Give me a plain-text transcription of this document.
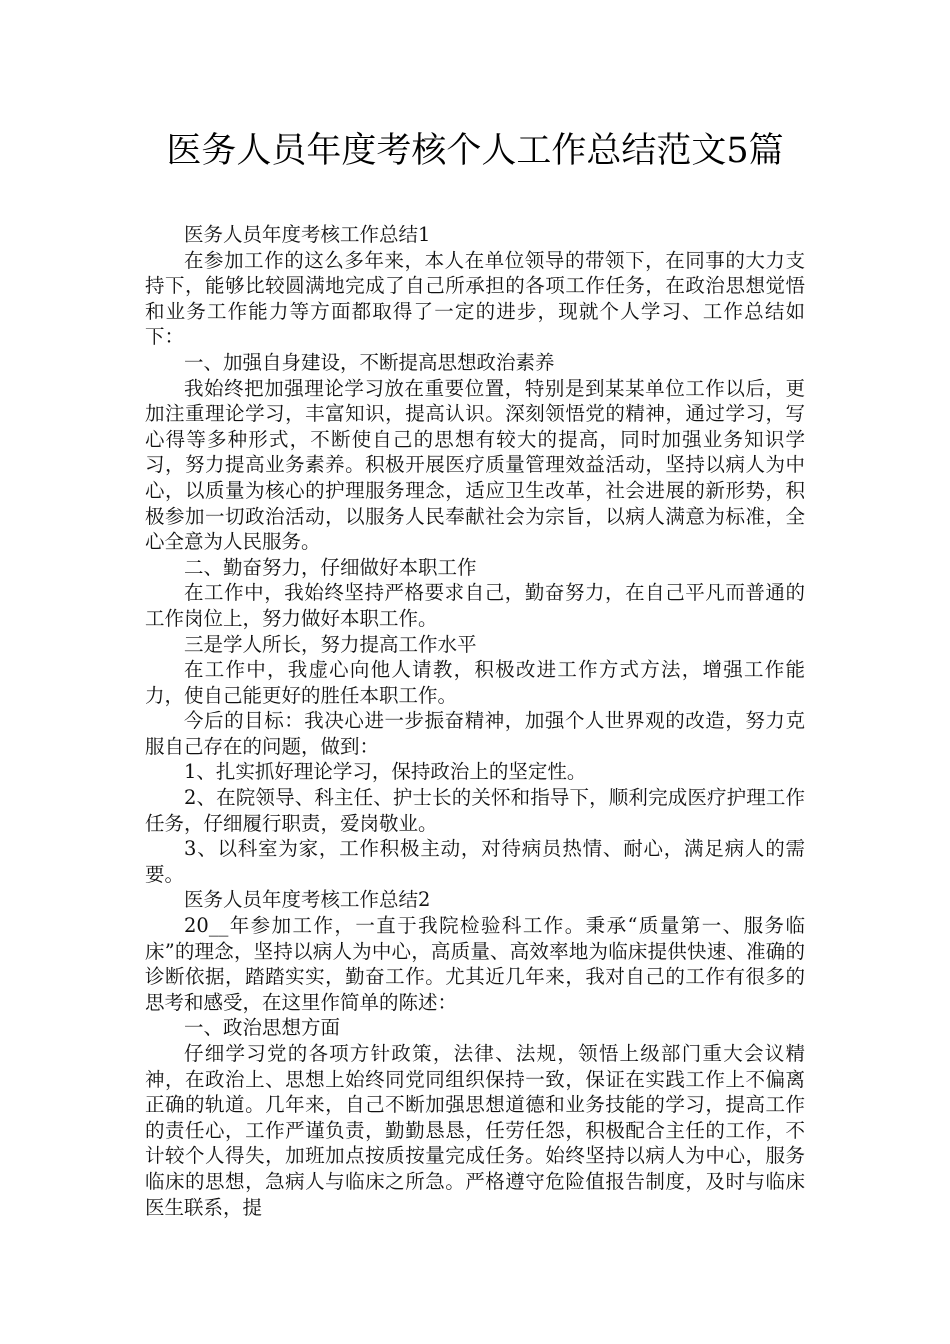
医务人员年度考核个人工作总结范文5篇

医务人员年度考核工作总结1

在参加工作的这么多年来，本人在单位领导的带领下，在同事的大力支持下，能够比较圆满地完成了自己所承担的各项工作任务，在政治思想觉悟和业务工作能力等方面都取得了一定的进步，现就个人学习、工作总结如下：

一、加强自身建设，不断提高思想政治素养

我始终把加强理论学习放在重要位置，特别是到某某单位工作以后，更加注重理论学习，丰富知识，提高认识。深刻领悟党的精神，通过学习，写心得等多种形式，不断使自己的思想有较大的提高，同时加强业务知识学习，努力提高业务素养。积极开展医疗质量管理效益活动，坚持以病人为中心，以质量为核心的护理服务理念，适应卫生改革，社会进展的新形势，积极参加一切政治活动，以服务人民奉献社会为宗旨，以病人满意为标准，全心全意为人民服务。

二、勤奋努力，仔细做好本职工作

在工作中，我始终坚持严格要求自己，勤奋努力，在自己平凡而普通的工作岗位上，努力做好本职工作。

三是学人所长，努力提高工作水平

在工作中，我虚心向他人请教，积极改进工作方式方法，增强工作能力，使自己能更好的胜任本职工作。

今后的目标：我决心进一步振奋精神，加强个人世界观的改造，努力克服自己存在的问题，做到：

1、扎实抓好理论学习，保持政治上的坚定性。

2、在院领导、科主任、护士长的关怀和指导下，顺利完成医疗护理工作任务，仔细履行职责，爱岗敬业。

3、以科室为家，工作积极主动，对待病员热情、耐心，满足病人的需要。

医务人员年度考核工作总结2

20__年参加工作，一直于我院检验科工作。秉承“质量第一、服务临床”的理念，坚持以病人为中心，高质量、高效率地为临床提供快速、准确的诊断依据，踏踏实实，勤奋工作。尤其近几年来，我对自己的工作有很多的思考和感受，在这里作简单的陈述：

一、政治思想方面

仔细学习党的各项方针政策，法律、法规，领悟上级部门重大会议精神，在政治上、思想上始终同党同组织保持一致，保证在实践工作上不偏离正确的轨道。几年来，自己不断加强思想道德和业务技能的学习，提高工作的责任心，工作严谨负责，勤勤恳恳，任劳任怨，积极配合主任的工作，不计较个人得失，加班加点按质按量完成任务。始终坚持以病人为中心，服务临床的思想，急病人与临床之所急。严格遵守危险值报告制度，及时与临床医生联系，提
